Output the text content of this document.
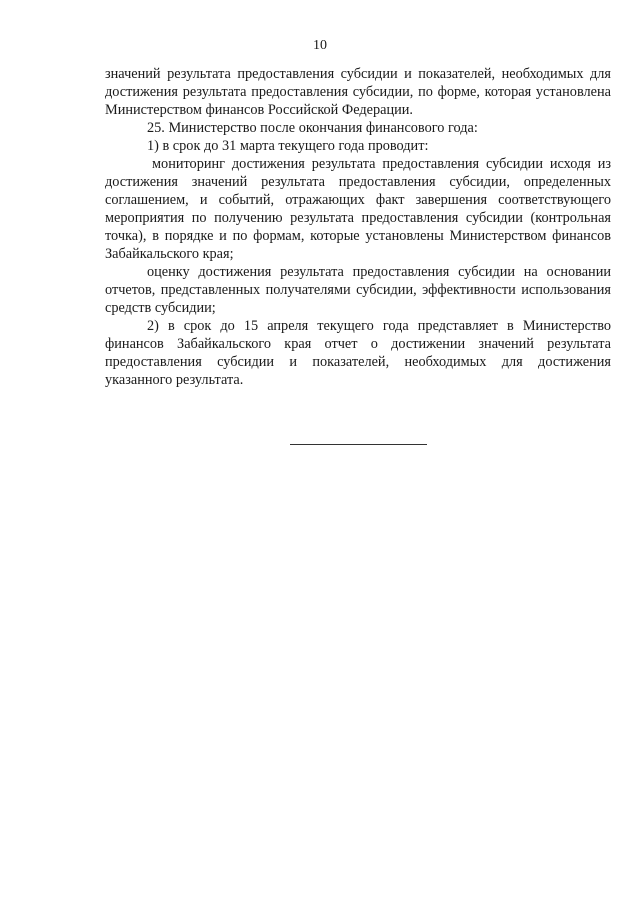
10

значений результата предоставления субсидии и показателей, необходимых для достижения результата предоставления субсидии, по форме, которая установлена Министерством финансов Российской Федерации.

25. Министерство после окончания финансового года:

1) в срок до 31 марта текущего года проводит:

мониторинг достижения результата предоставления субсидии исходя из достижения значений результата предоставления субсидии, определенных соглашением, и событий, отражающих факт завершения соответствующего мероприятия по получению результата предоставления субсидии (контрольная точка), в порядке и по формам, которые установлены Министерством финансов Забайкальского края;

оценку достижения результата предоставления субсидии на основании отчетов, представленных получателями субсидии, эффективности использования средств субсидии;

2) в срок до 15 апреля текущего года представляет в Министерство финансов Забайкальского края отчет о достижении значений результата предоставления субсидии и показателей, необходимых для достижения указанного результата.
